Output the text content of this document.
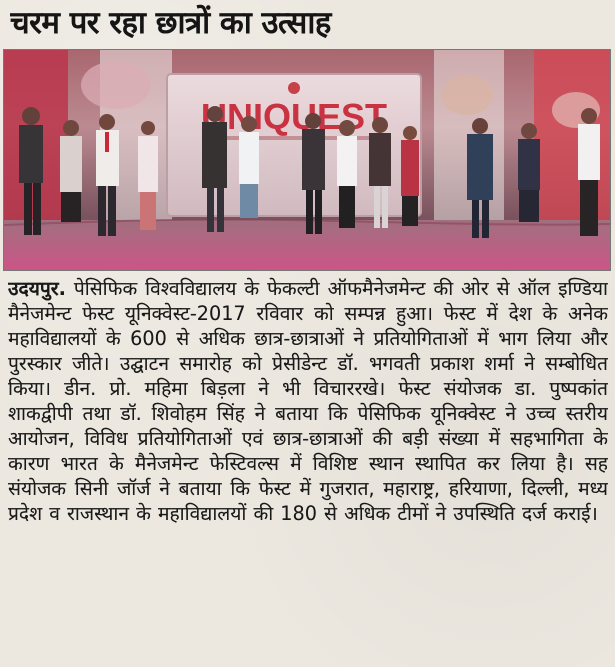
चरम पर रहा छात्रों का उत्साह
उदयपुर. पेसिफिक विश्वविद्यालय के फेकल्टी ऑफमैनेजमेन्ट की ओर से ऑल इण्डिया मैनेजमेन्ट फेस्ट यूनिक्वेस्ट-2017 रविवार को सम्पन्न हुआ। फेस्ट में देश के अनेक महाविद्यालयों के 600 से अधिक छात्र-छात्राओं ने प्रतियोगिताओं में भाग लिया और पुरस्कार जीते। उद्घाटन समारोह को प्रेसीडेन्ट डॉ. भगवती प्रकाश शर्मा ने सम्बोधित किया। डीन. प्रो. महिमा बिड़ला ने भी विचाररखे। फेस्ट संयोजक डा. पुष्पकांत शाकद्वीपी तथा डॉ. शिवोहम सिंह ने बताया कि पेसिफिक यूनिक्वेस्ट ने उच्च स्तरीय आयोजन, विविध प्रतियोगिताओं एवं छात्र-छात्राओं की बड़ी संख्या में सहभागिता के कारण भारत के मैनेजमेन्ट फेस्टिवल्स में विशिष्ट स्थान स्थापित कर लिया है। सह संयोजक सिनी जॉर्ज ने बताया कि फेस्ट में गुजरात, महाराष्ट्र, हरियाणा, दिल्ली, मध्य प्रदेश व राजस्थान के महाविद्यालयों की 180 से अधिक टीमों ने उपस्थिति दर्ज कराई।
